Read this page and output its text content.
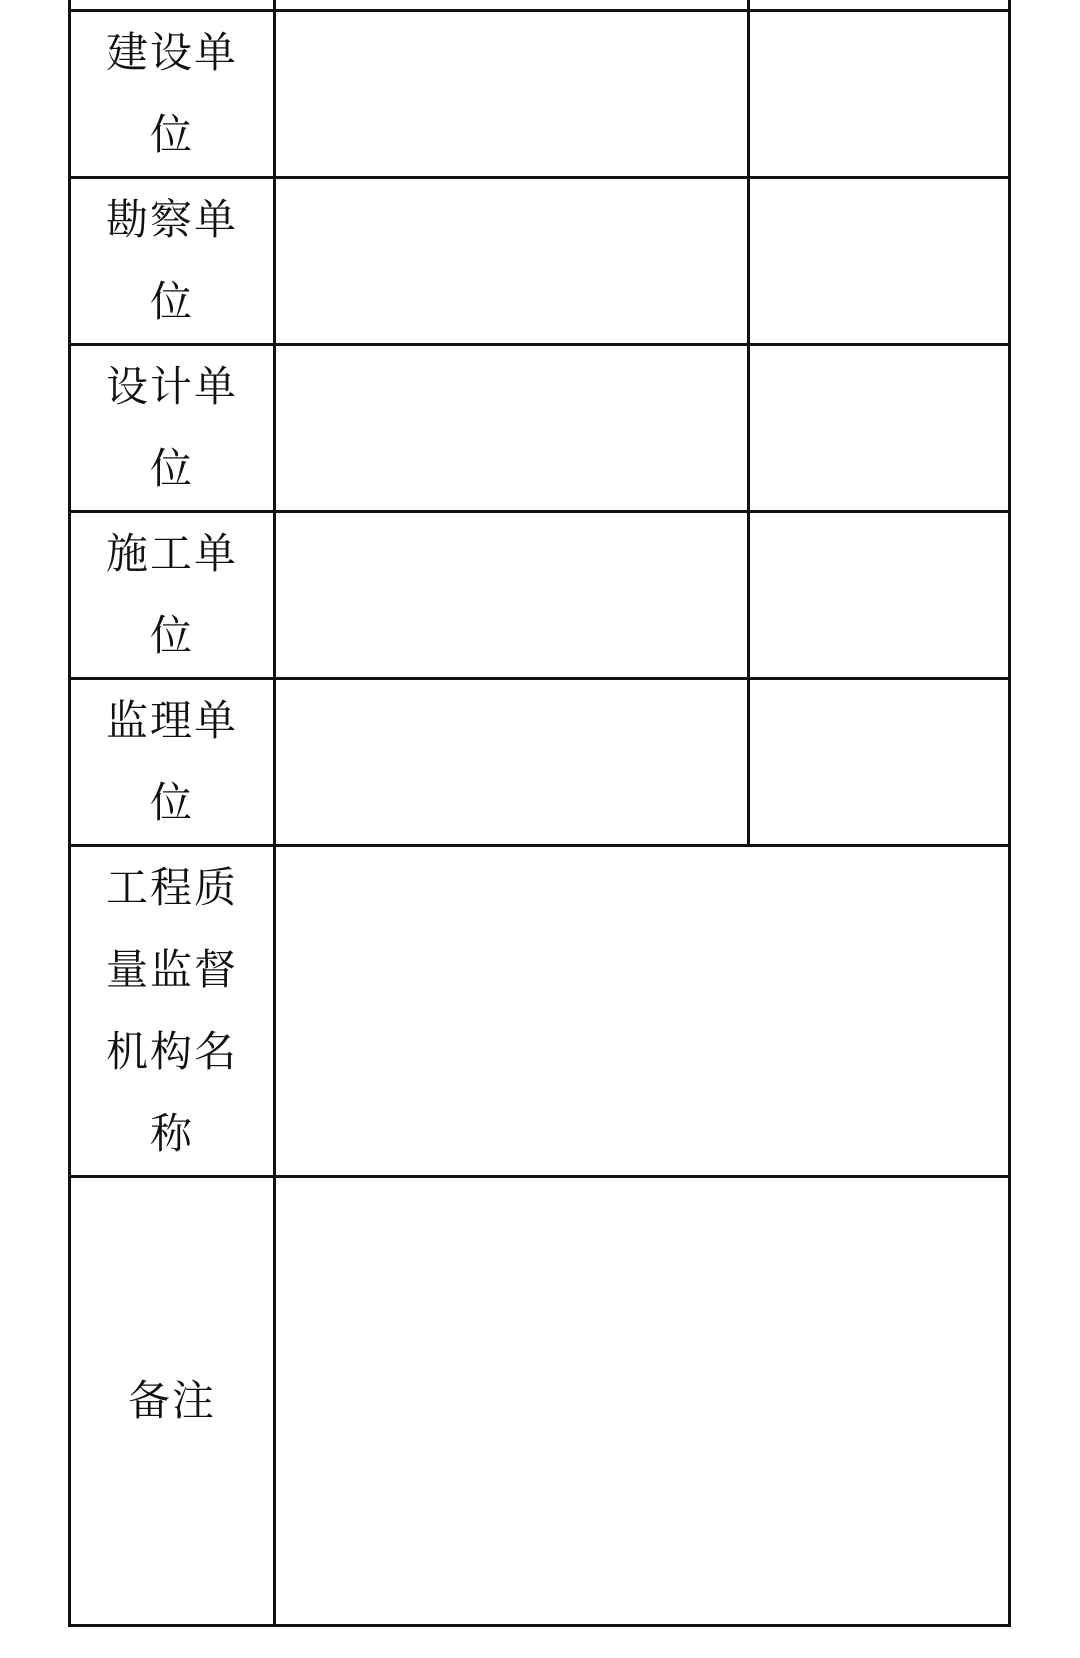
建设单位		
勘察单位		
设计单位		
施工单位		
监理单位		
工程质量监督机构名称		
备注		
